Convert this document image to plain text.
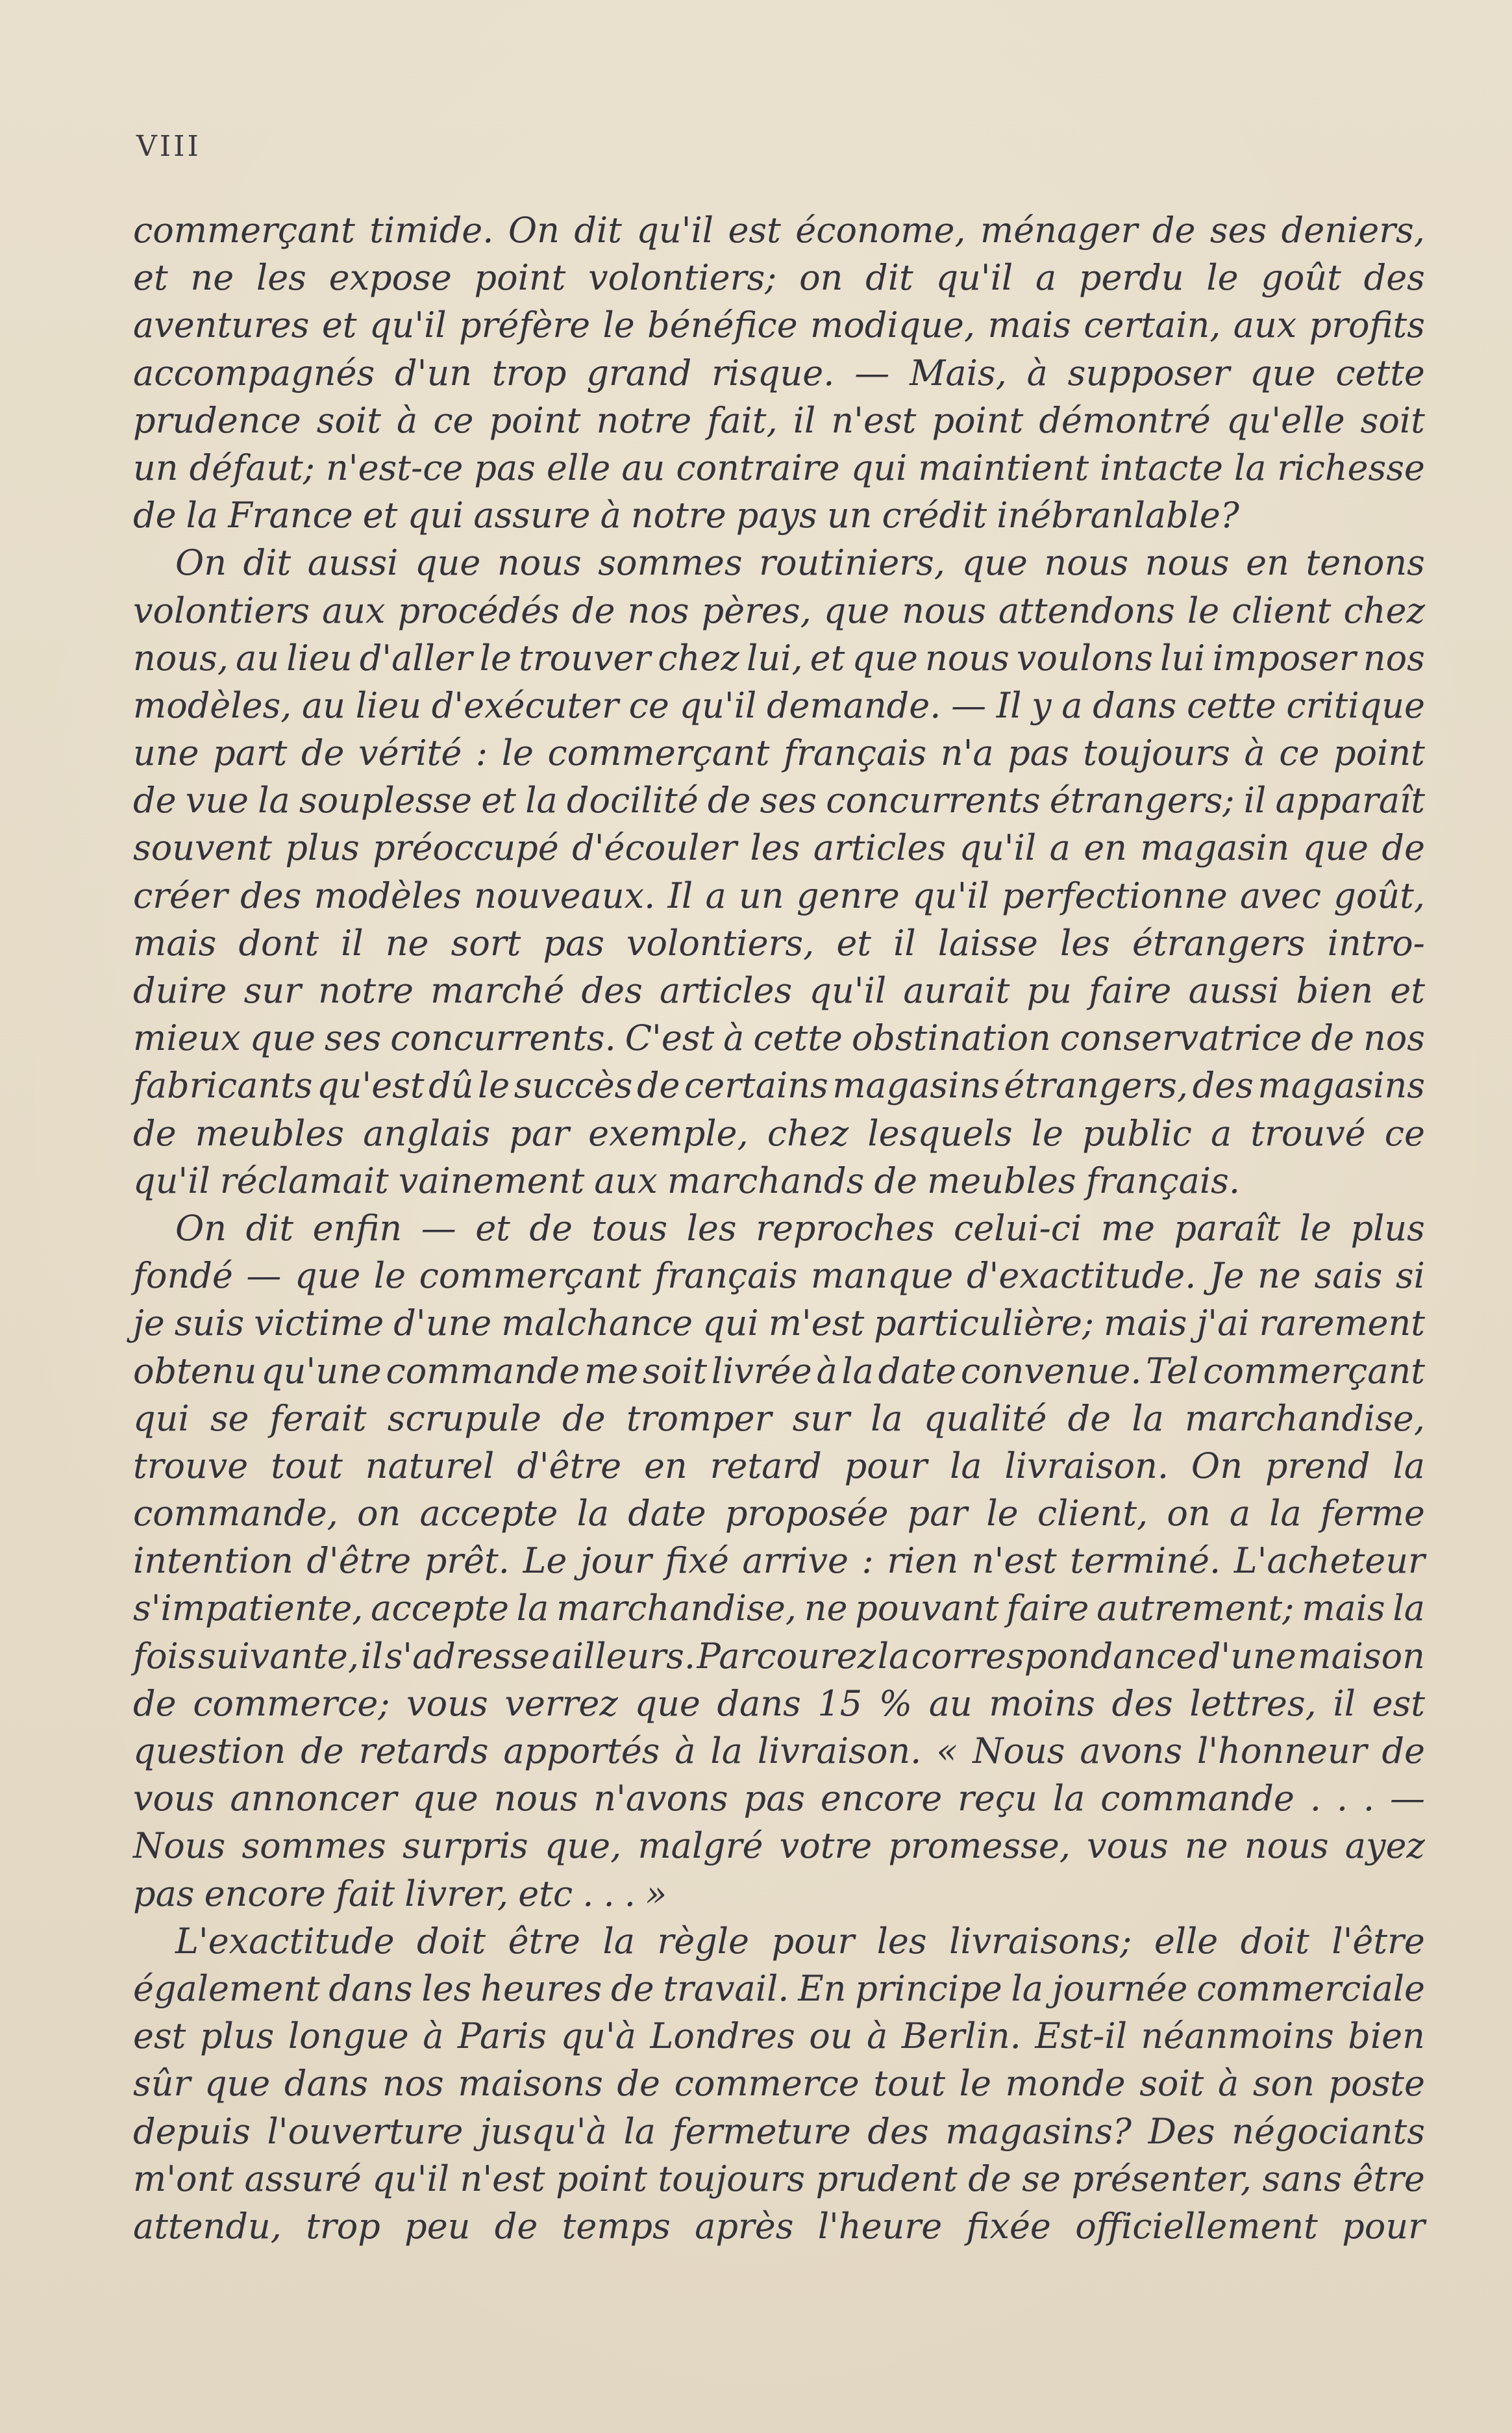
VIII
commerçant timide. On dit qu'il est économe, ménager de ses deniers,
et ne les expose point volontiers; on dit qu'il a perdu le goût des
aventures et qu'il préfère le bénéfice modique, mais certain, aux profits
accompagnés d'un trop grand risque. — Mais, à supposer que cette
prudence soit à ce point notre fait, il n'est point démontré qu'elle soit
un défaut; n'est-ce pas elle au contraire qui maintient intacte la richesse
de la France et qui assure à notre pays un crédit inébranlable?
On dit aussi que nous sommes routiniers, que nous nous en tenons
volontiers aux procédés de nos pères, que nous attendons le client chez
nous, au lieu d'aller le trouver chez lui, et que nous voulons lui imposer nos
modèles, au lieu d'exécuter ce qu'il demande. — Il y a dans cette critique
une part de vérité : le commerçant français n'a pas toujours à ce point
de vue la souplesse et la docilité de ses concurrents étrangers; il apparaît
souvent plus préoccupé d'écouler les articles qu'il a en magasin que de
créer des modèles nouveaux. Il a un genre qu'il perfectionne avec goût,
mais dont il ne sort pas volontiers, et il laisse les étrangers intro-
duire sur notre marché des articles qu'il aurait pu faire aussi bien et
mieux que ses concurrents. C'est à cette obstination conservatrice de nos
fabricants qu'est dû le succès de certains magasins étrangers, des magasins
de meubles anglais par exemple, chez lesquels le public a trouvé ce
qu'il réclamait vainement aux marchands de meubles français.
On dit enfin — et de tous les reproches celui-ci me paraît le plus
fondé — que le commerçant français manque d'exactitude. Je ne sais si
je suis victime d'une malchance qui m'est particulière; mais j'ai rarement
obtenu qu'une commande me soit livrée à la date convenue. Tel commerçant
qui se ferait scrupule de tromper sur la qualité de la marchandise,
trouve tout naturel d'être en retard pour la livraison. On prend la
commande, on accepte la date proposée par le client, on a la ferme
intention d'être prêt. Le jour fixé arrive : rien n'est terminé. L'acheteur
s'impatiente, accepte la marchandise, ne pouvant faire autrement; mais la
fois suivante, il s'adresse ailleurs. Parcourez la correspondance d'une maison
de commerce; vous verrez que dans 15 % au moins des lettres, il est
question de retards apportés à la livraison. « Nous avons l'honneur de
vous annoncer que nous n'avons pas encore reçu la commande . . . —
Nous sommes surpris que, malgré votre promesse, vous ne nous ayez
pas encore fait livrer, etc . . . »
L'exactitude doit être la règle pour les livraisons; elle doit l'être
également dans les heures de travail. En principe la journée commerciale
est plus longue à Paris qu'à Londres ou à Berlin. Est-il néanmoins bien
sûr que dans nos maisons de commerce tout le monde soit à son poste
depuis l'ouverture jusqu'à la fermeture des magasins? Des négociants
m'ont assuré qu'il n'est point toujours prudent de se présenter, sans être
attendu, trop peu de temps après l'heure fixée officiellement pour
